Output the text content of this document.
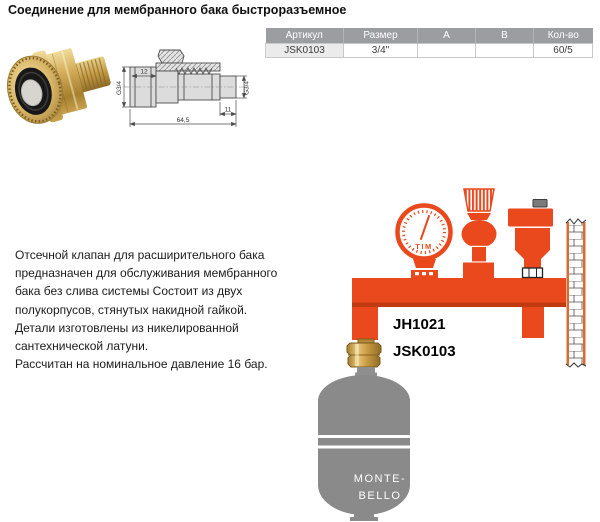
Соединение для мембранного бака быстроразъемное
12
G3/4	G3/4
11
64,5
Артикул	Размер	A	B	Кол-во
JSK0103	3/4"			60/5
Отсечной клапан для расширительного бака
предназначен для обслуживания мембранного
бака без слива системы Состоит из двух
полукорпусов, стянутых накидной гайкой.
Детали изготовлены из никелированной
сантехнической латуни.
Рассчитан на номинальное давление 16 бар.
TIM
MONTE-
BELLO
JH1021
JSK0103
